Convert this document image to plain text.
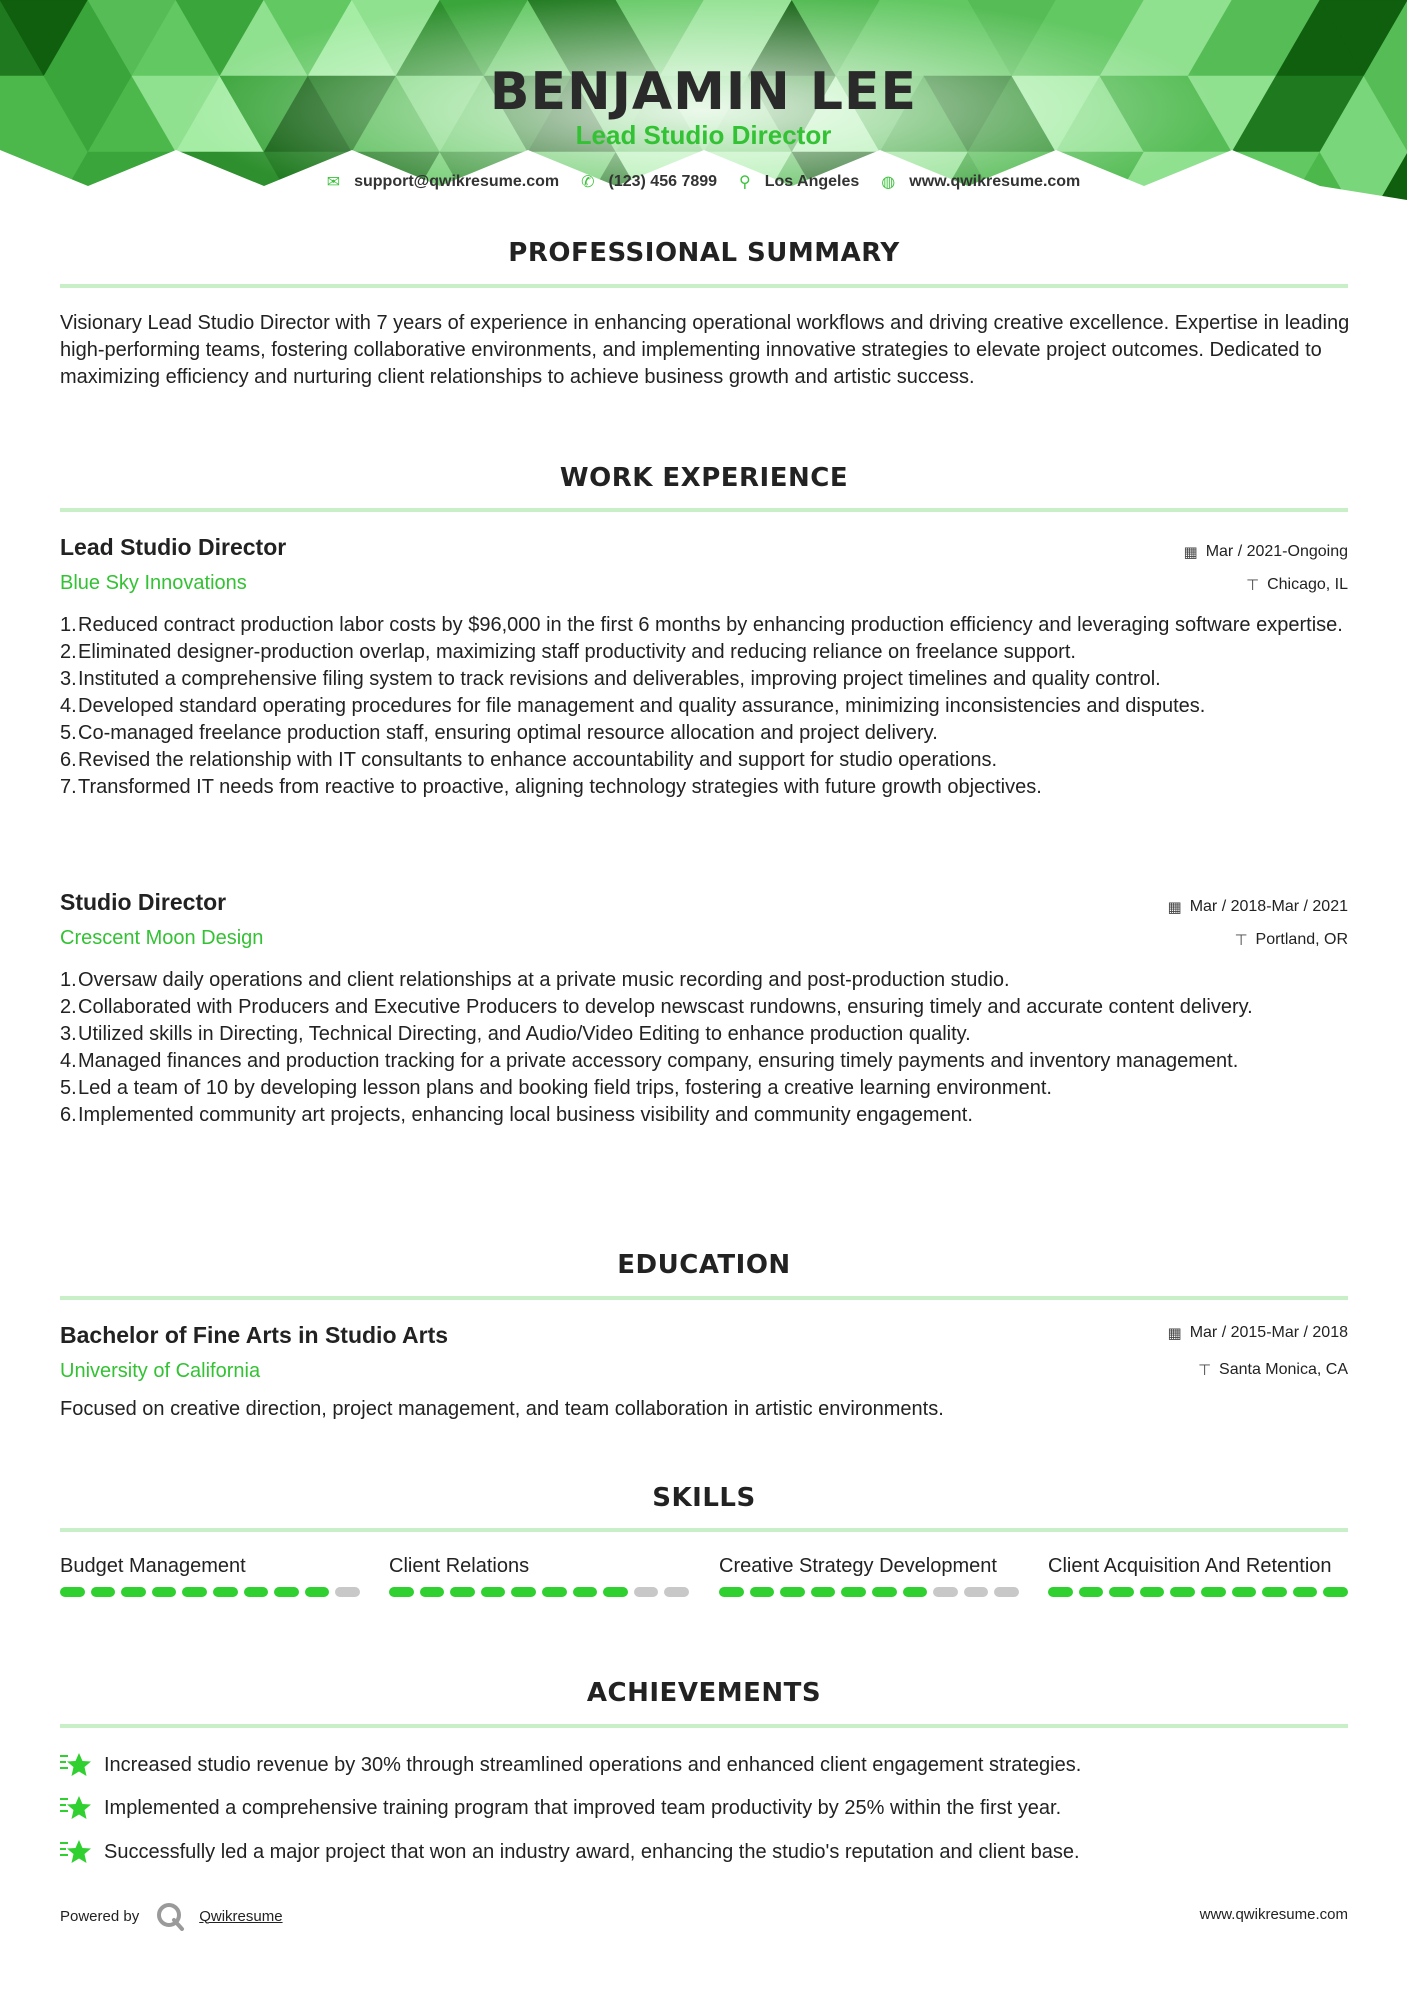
BENJAMIN LEE
Lead Studio Director
✉ support@qwikresume.com ✆ (123) 456 7899 ⚲ Los Angeles ◍ www.qwikresume.com
PROFESSIONAL SUMMARY
Visionary Lead Studio Director with 7 years of experience in enhancing operational workflows and driving creative excellence. Expertise in leading high-performing teams, fostering collaborative environments, and implementing innovative strategies to elevate project outcomes. Dedicated to maximizing efficiency and nurturing client relationships to achieve business growth and artistic success.
WORK EXPERIENCE
Lead Studio Director	▦ Mar / 2021-Ongoing
Blue Sky Innovations	⊤ Chicago, IL
1. Reduced contract production labor costs by $96,000 in the first 6 months by enhancing production efficiency and leveraging software expertise.
2. Eliminated designer-production overlap, maximizing staff productivity and reducing reliance on freelance support.
3. Instituted a comprehensive filing system to track revisions and deliverables, improving project timelines and quality control.
4. Developed standard operating procedures for file management and quality assurance, minimizing inconsistencies and disputes.
5. Co-managed freelance production staff, ensuring optimal resource allocation and project delivery.
6. Revised the relationship with IT consultants to enhance accountability and support for studio operations.
7. Transformed IT needs from reactive to proactive, aligning technology strategies with future growth objectives.
Studio Director	▦ Mar / 2018-Mar / 2021
Crescent Moon Design	⊤ Portland, OR
1. Oversaw daily operations and client relationships at a private music recording and post-production studio.
2. Collaborated with Producers and Executive Producers to develop newscast rundowns, ensuring timely and accurate content delivery.
3. Utilized skills in Directing, Technical Directing, and Audio/Video Editing to enhance production quality.
4. Managed finances and production tracking for a private accessory company, ensuring timely payments and inventory management.
5. Led a team of 10 by developing lesson plans and booking field trips, fostering a creative learning environment.
6. Implemented community art projects, enhancing local business visibility and community engagement.
EDUCATION
Bachelor of Fine Arts in Studio Arts	▦ Mar / 2015-Mar / 2018
University of California	⊤ Santa Monica, CA
Focused on creative direction, project management, and team collaboration in artistic environments.
SKILLS
Budget Management	Client Relations	Creative Strategy Development	Client Acquisition And Retention
ACHIEVEMENTS
Increased studio revenue by 30% through streamlined operations and enhanced client engagement strategies.
Implemented a comprehensive training program that improved team productivity by 25% within the first year.
Successfully led a major project that won an industry award, enhancing the studio's reputation and client base.
Powered by	Qwikresume	www.qwikresume.com
